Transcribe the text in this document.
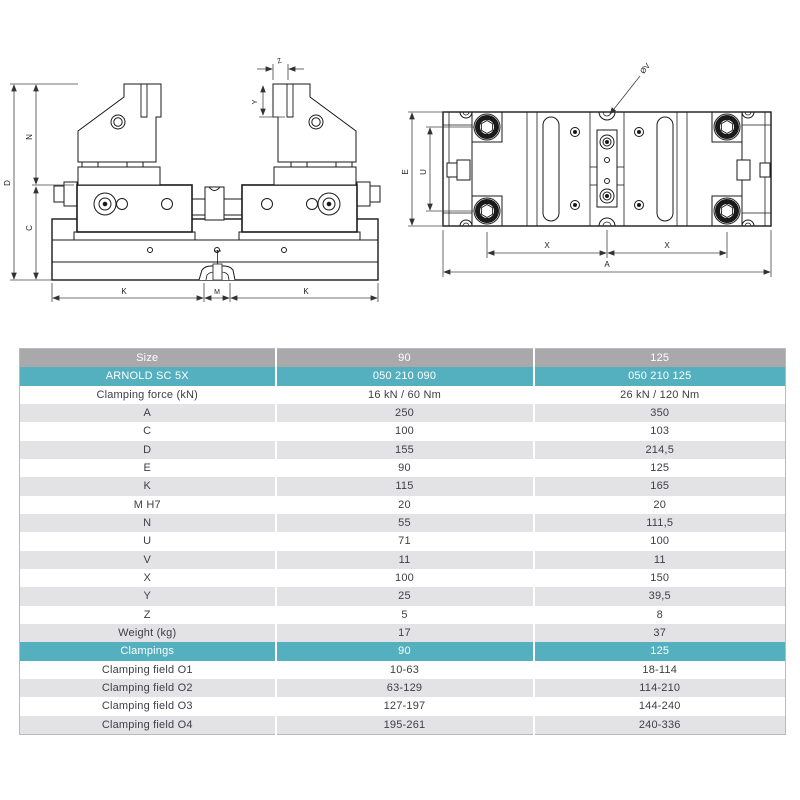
D
N
C
Z
Y
K	M	K
E U
ØV
X	X
A
Size	90	125
ARNOLD SC 5X	050 210 090	050 210 125
Clamping force (kN)	16 kN / 60 Nm	26 kN / 120 Nm
A	250	350
C	100	103
D	155	214,5
E	90	125
K	115	165
M H7	20	20
N	55	111,5
U	71	100
V	11	11
X	100	150
Y	25	39,5
Z	5	8
Weight (kg)	17	37
Clampings	90	125
Clamping field O1	10-63	18-114
Clamping field O2	63-129	114-210
Clamping field O3	127-197	144-240
Clamping field O4	195-261	240-336
